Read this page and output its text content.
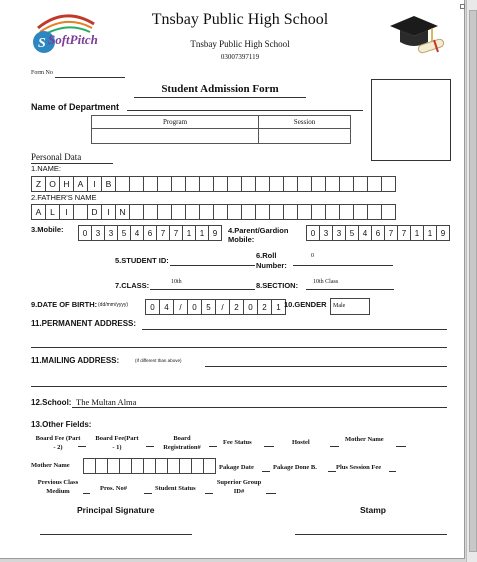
S SoftPitch
Tnsbay Public High School
Tnsbay Public High School
03007397119
Form No
Student Admission Form
Name of Department
Program	Session
Personal Data
1.NAME:
Z O H A	I	B
2.FATHER'S NAME
A	L	I	D	I	N
3.Mobile:	0	3	3	5	4	6	7	7	1	1	9	4.Parent/Gardion
Mobile:
0	3	3	5	4	6	7	7	1	1	9
5.STUDENT ID:
6.Roll
Number:
0
7.CLASS:	10th	8.SECTION: 10th Class
9.DATE OF BIRTH: (dd/mm/yyyy)	0	4	/	0	5	/	2	0	2	1 10.GENDER	Male
11.PERMANENT ADDRESS:
11.MAILING ADDRESS:	(If different than above)
12.School: The Multan Alma
13.Other Fields:
Board Fee (Part
- 2)
Board Fee(Part
- 1)
Board
Registration#
Fee Status	Hostel	Mother Name
Mother Name	Pakage Date	Pakage Done B.	Plus Session Fee
Previous Class
Medium	Pros. No#	Student Status
Superior Group
ID#
Principal Signature	Stamp
